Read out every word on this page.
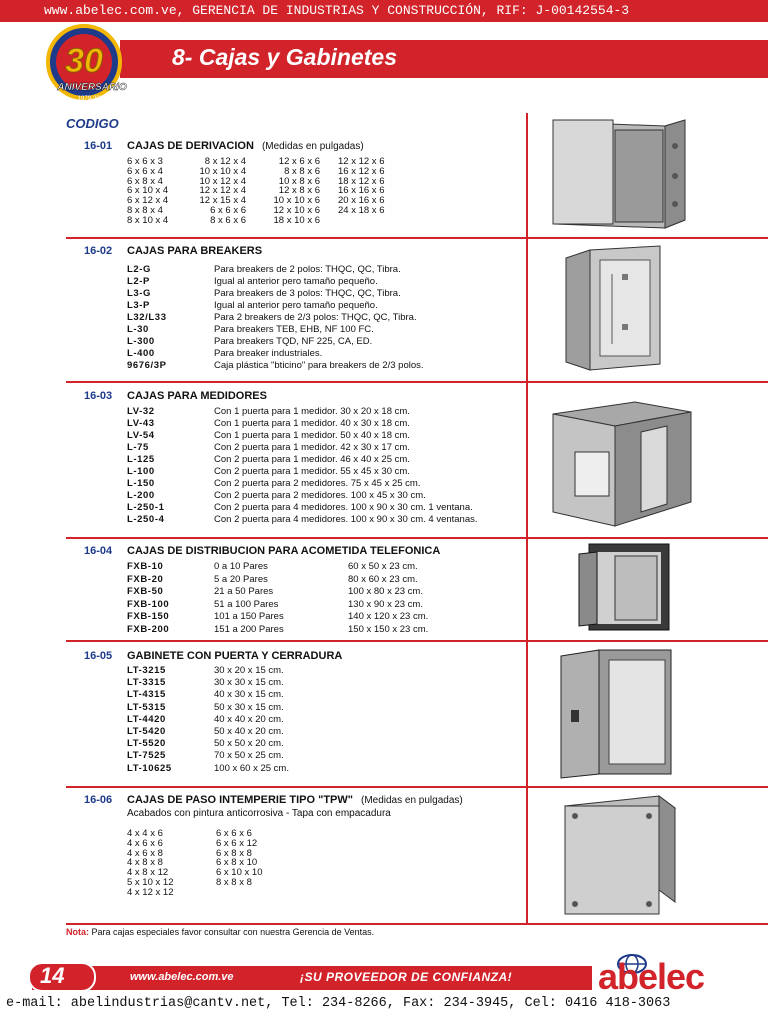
www.abelec.com.ve, GERENCIA DE INDUSTRIAS Y CONSTRUCCIÓN, RIF: J-00142554-3
8- Cajas y Gabinetes
30
ANIVERSARIO
1979-2009
CODIGO
16-01 CAJAS DE DERIVACION (Medidas en pulgadas)
6 x 6 x 3
6 x 6 x 4
6 x 8 x 4
6 x 10 x 4
6 x 12 x 4
8 x 8 x 4
8 x 10 x 4
8 x 12 x 4
10 x 10 x 4
10 x 12 x 4
12 x 12 x 4
12 x 15 x 4
6 x 6 x 6
8 x 6 x 6
12 x 6 x 6
8 x 8 x 6
10 x 8 x 6
12 x 8 x 6
10 x 10 x 6
12 x 10 x 6
18 x 10 x 6
12 x 12 x 6
16 x 12 x 6
18 x 12 x 6
16 x 16 x 6
20 x 16 x 6
24 x 18 x 6
16-02 CAJAS PARA BREAKERS
L2-G
L2-P
L3-G
L3-P
L32/L33
L-30
L-300
L-400
9676/3P
Para breakers de 2 polos: THQC, QC, Tibra.
Igual al anterior pero tamaño pequeño.
Para breakers de 3 polos: THQC, QC, Tibra.
Igual al anterior pero tamaño pequeño.
Para 2 breakers de 2/3 polos: THQC, QC, Tibra.
Para breakers TEB, EHB, NF 100 FC.
Para breakers TQD, NF 225, CA, ED.
Para breaker industriales.
Caja plástica "bticino" para breakers de 2/3 polos.
16-03 CAJAS PARA MEDIDORES
LV-32
LV-43
LV-54
L-75
L-125
L-100
L-150
L-200
L-250-1
L-250-4
Con 1 puerta para 1 medidor. 30 x 20 x 18 cm.
Con 1 puerta para 1 medidor. 40 x 30 x 18 cm.
Con 1 puerta para 1 medidor. 50 x 40 x 18 cm.
Con 2 puerta para 1 medidor. 42 x 30 x 17 cm.
Con 2 puerta para 1 medidor. 46 x 40 x 25 cm.
Con 2 puerta para 1 medidor. 55 x 45 x 30 cm.
Con 2 puerta para 2 medidores. 75 x 45 x 25 cm.
Con 2 puerta para 2 medidores. 100 x 45 x 30 cm.
Con 2 puerta para 4 medidores. 100 x 90 x 30 cm. 1 ventana.
Con 2 puerta para 4 medidores. 100 x 90 x 30 cm. 4 ventanas.
16-04 CAJAS DE DISTRIBUCION PARA ACOMETIDA TELEFONICA
FXB-10
FXB-20
FXB-50
FXB-100
FXB-150
FXB-200
0 a 10 Pares
5 a 20 Pares
21 a 50 Pares
51 a 100 Pares
101 a 150 Pares
151 a 200 Pares
60 x 50 x 23 cm.
80 x 60 x 23 cm.
100 x 80 x 23 cm.
130 x 90 x 23 cm.
140 x 120 x 23 cm.
150 x 150 x 23 cm.
16-05 GABINETE CON PUERTA Y CERRADURA
LT-3215
LT-3315
LT-4315
LT-5315
LT-4420
LT-5420
LT-5520
LT-7525
LT-10625
30 x 20 x 15 cm.
30 x 30 x 15 cm.
40 x 30 x 15 cm.
50 x 30 x 15 cm.
40 x 40 x 20 cm.
50 x 40 x 20 cm.
50 x 50 x 20 cm.
70 x 50 x 25 cm.
100 x 60 x 25 cm.
16-06 CAJAS DE PASO INTEMPERIE TIPO "TPW" (Medidas en pulgadas)
Acabados con pintura anticorrosiva - Tapa con empacadura
4 x 4 x 6
4 x 6 x 6
4 x 6 x 8
4 x 8 x 8
4 x 8 x 12
5 x 10 x 12
4 x 12 x 12
6 x 6 x 6
6 x 6 x 12
6 x 8 x 8
6 x 8 x 10
6 x 10 x 10
8 x 8 x 8
Nota: Para cajas especiales favor consultar con nuestra Gerencia de Ventas.
14	www.abelec.com.ve	¡SU PROVEEDOR DE CONFIANZA! abelec
e-mail: abelindustrias@cantv.net, Tel: 234-8266, Fax: 234-3945, Cel: 0416 418-3063
